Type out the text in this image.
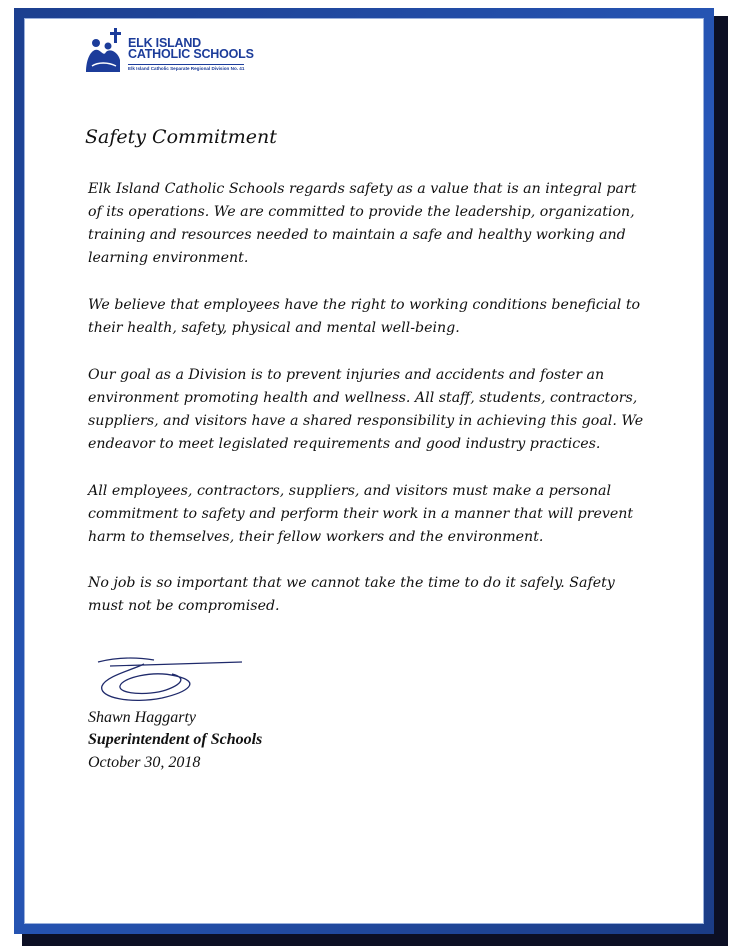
ELK ISLAND
CATHOLIC SCHOOLS
Elk Island Catholic Separate Regional Division No. 41
Safety Commitment

Elk Island Catholic Schools regards safety as a value that is an integral part of its operations. We are committed to provide the leadership, organization, training and resources needed to maintain a safe and healthy working and learning environment.

We believe that employees have the right to working conditions beneficial to their health, safety, physical and mental well-being.

Our goal as a Division is to prevent injuries and accidents and foster an environment promoting health and wellness. All staff, students, contractors, suppliers, and visitors have a shared responsibility in achieving this goal. We endeavor to meet legislated requirements and good industry practices.

All employees, contractors, suppliers, and visitors must make a personal commitment to safety and perform their work in a manner that will prevent harm to themselves, their fellow workers and the environment.

No job is so important that we cannot take the time to do it safely. Safety must not be compromised.

Shawn Haggarty
Superintendent of Schools
October 30, 2018
